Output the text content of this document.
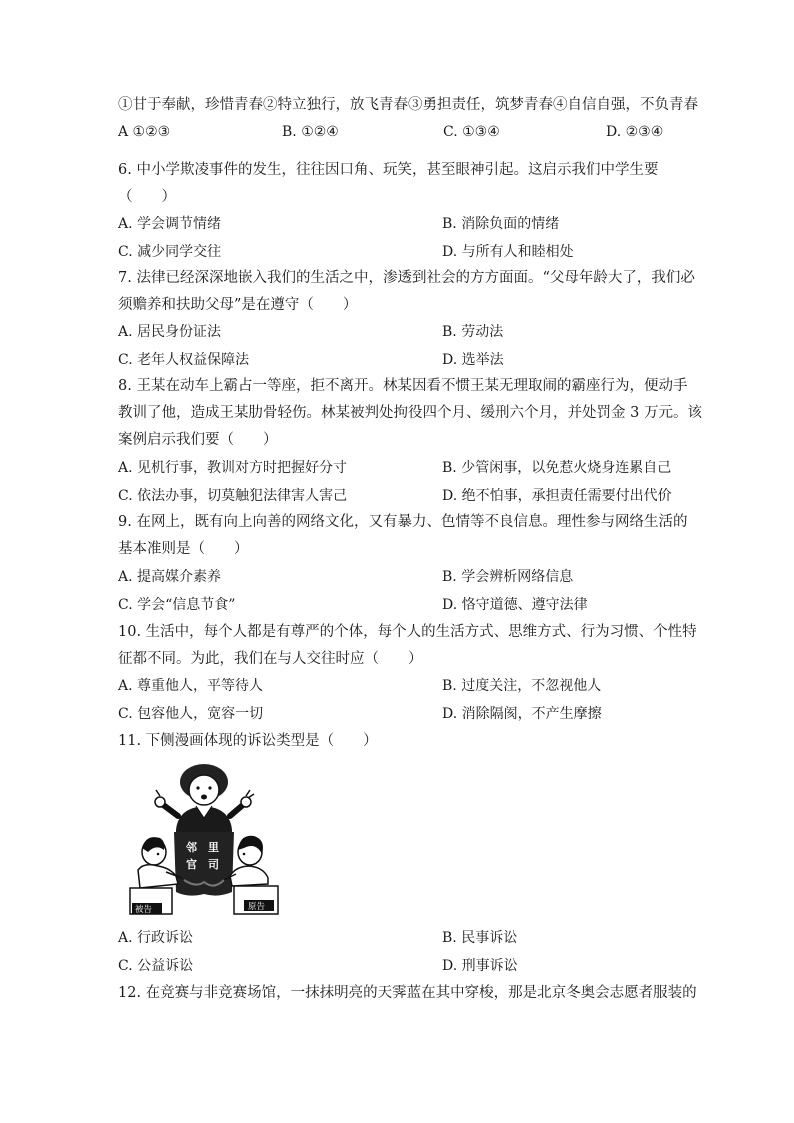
①甘于奉献，珍惜青春②特立独行，放飞青春③勇担责任，筑梦青春④自信自强，不负青春
A ①②③	B. ①②④	C. ①③④	D. ②③④
6. 中小学欺凌事件的发生，往往因口角、玩笑，甚至眼神引起。这启示我们中学生要
（　　）
A. 学会调节情绪	B. 消除负面的情绪
C. 减少同学交往	D. 与所有人和睦相处
7. 法律已经深深地嵌入我们的生活之中，渗透到社会的方方面面。“父母年龄大了，我们必
须赡养和扶助父母”是在遵守（　　）
A. 居民身份证法	B. 劳动法
C. 老年人权益保障法	D. 选举法
8. 王某在动车上霸占一等座，拒不离开。林某因看不惯王某无理取闹的霸座行为，便动手
教训了他，造成王某肋骨轻伤。林某被判处拘役四个月、缓刑六个月，并处罚金 3 万元。该
案例启示我们要（　　）
A. 见机行事，教训对方时把握好分寸	B. 少管闲事，以免惹火烧身连累自己
C. 依法办事，切莫触犯法律害人害己	D. 绝不怕事，承担责任需要付出代价
9. 在网上，既有向上向善的网络文化，又有暴力、色情等不良信息。理性参与网络生活的
基本准则是（　　）
A. 提高媒介素养	B. 学会辨析网络信息
C. 学会“信息节食”	D. 恪守道德、遵守法律
10. 生活中，每个人都是有尊严的个体，每个人的生活方式、思维方式、行为习惯、个性特
征都不同。为此，我们在与人交往时应（　　）
A. 尊重他人，平等待人	B. 过度关注，不忽视他人
C. 包容他人，宽容一切	D. 消除隔阂，不产生摩擦
11. 下侧漫画体现的诉讼类型是（　　）
邻 里
官 司
被告	原告
A. 行政诉讼	B. 民事诉讼
C. 公益诉讼	D. 刑事诉讼
12. 在竞赛与非竞赛场馆，一抹抹明亮的天霁蓝在其中穿梭，那是北京冬奥会志愿者服装的
